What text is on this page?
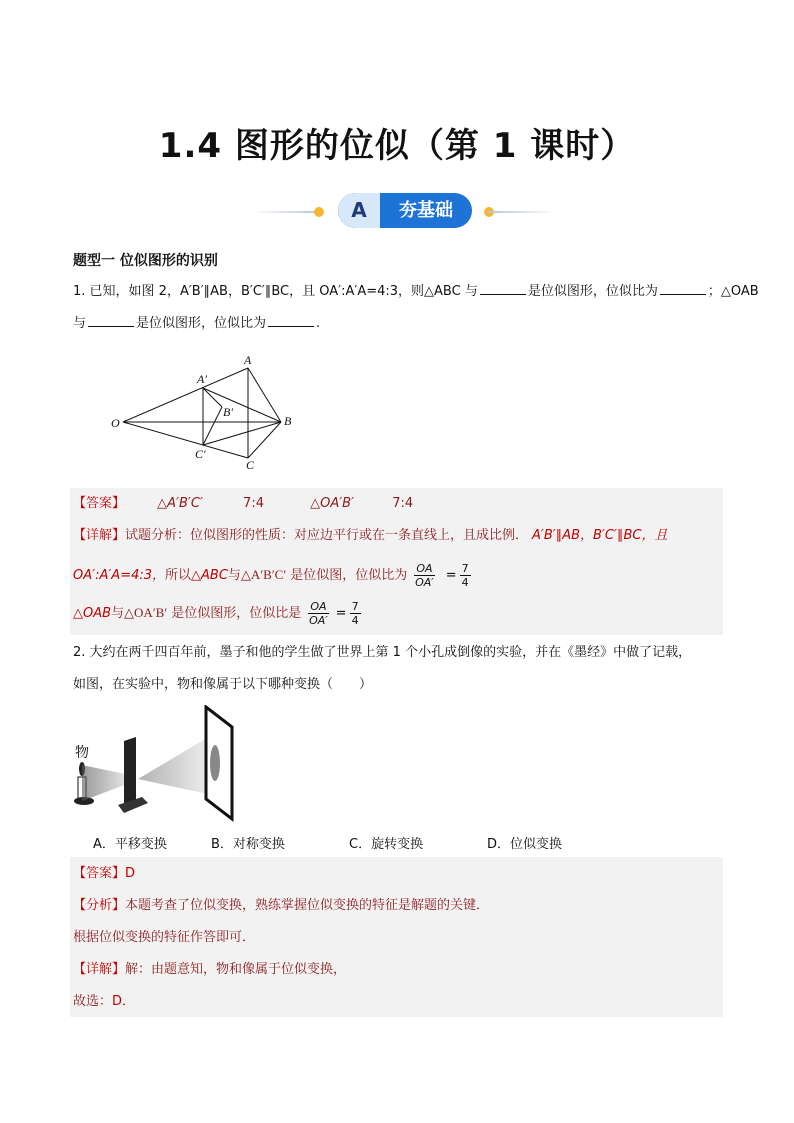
1.4 图形的位似（第 1 课时）
A	夯基础
题型一 位似图形的识别
1. 已知，如图 2，A′B′∥AB，B′C′∥BC，且 OA′:A′A=4:3，则△ABC 与	是位似图形，位似比为	；△OAB
与	是位似图形，位似比为	.
O
A
A′
B
B′
C
C′
【答案】 △A′B′C′	7:4	△OA′B′	7:4
【详解】试题分析：位似图形的性质：对应边平行或在一条直线上，且成比例． A′B′∥AB，B′C′∥BC，且
OA′:A′A=4:3，所以△ABC与△A′B′C′ 是位似图，位似比为 $\frac{OA}{OA'} = \frac{7}{4}$
△OAB与△OA′B′ 是位似图形，位似比是 $\frac{OA}{OA'} = \frac{7}{4}$
2. 大约在两千四百年前，墨子和他的学生做了世界上第 1 个小孔成倒像的实验，并在《墨经》中做了记载，
如图，在实验中，物和像属于以下哪种变换（　　）
物
A．平移变换	B．对称变换	C．旋转变换	D．位似变换
【答案】D
【分析】本题考查了位似变换，熟练掌握位似变换的特征是解题的关键．
根据位似变换的特征作答即可．
【详解】解：由题意知，物和像属于位似变换，
故选：D．
